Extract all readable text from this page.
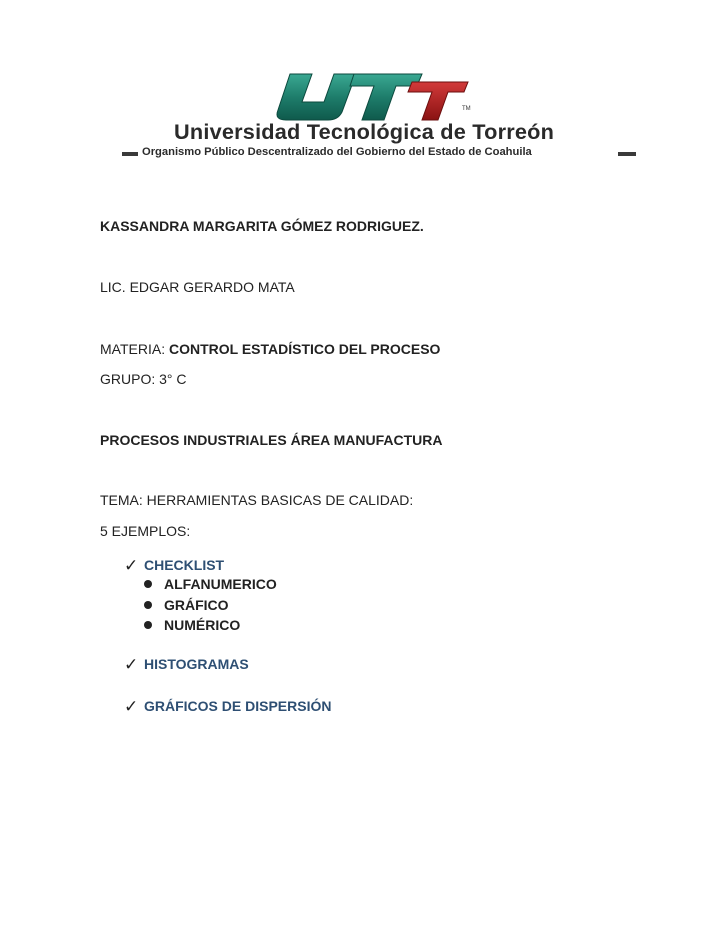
TM
Universidad Tecnológica de Torreón
Organismo Público Descentralizado del Gobierno del Estado de Coahuila
KASSANDRA MARGARITA GÓMEZ RODRIGUEZ.
LIC. EDGAR GERARDO MATA
MATERIA: CONTROL ESTADÍSTICO DEL PROCESO
GRUPO: 3° C
PROCESOS INDUSTRIALES ÁREA MANUFACTURA
TEMA: HERRAMIENTAS BASICAS DE CALIDAD:
5 EJEMPLOS:
✓ CHECKLIST
ALFANUMERICO
GRÁFICO
NUMÉRICO
✓ HISTOGRAMAS
✓ GRÁFICOS DE DISPERSIÓN
